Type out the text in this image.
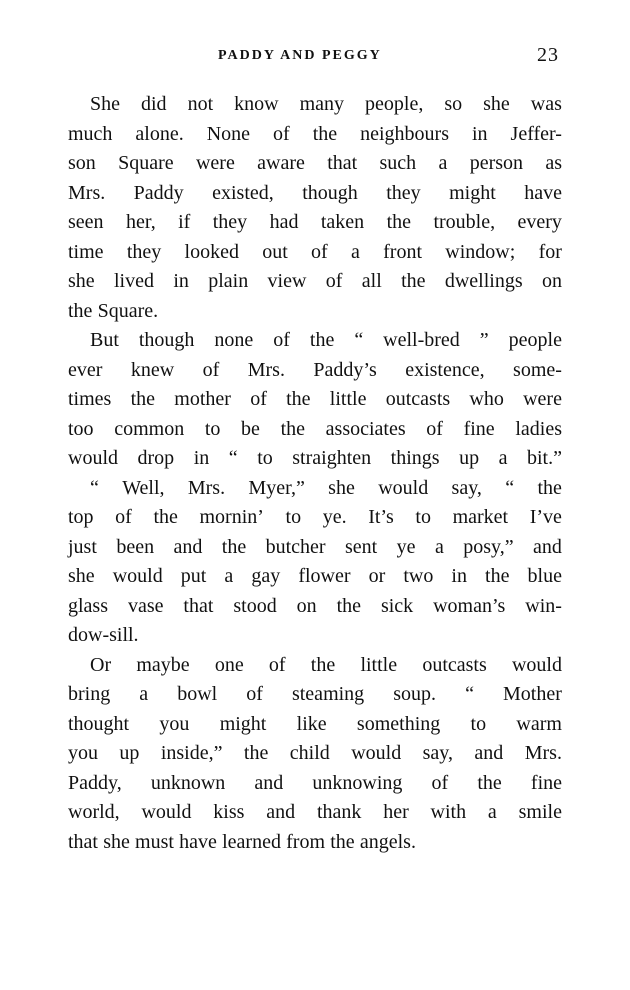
PADDY AND PEGGY	23
She did not know many people, so she was
much alone. None of the neighbours in Jeffer-
son Square were aware that such a person as
Mrs. Paddy existed, though they might have
seen her, if they had taken the trouble, every
time they looked out of a front window; for
she lived in plain view of all the dwellings on
the Square.
But though none of the “ well-bred ” people
ever knew of Mrs. Paddy’s existence, some-
times the mother of the little outcasts who were
too common to be the associates of fine ladies
would drop in “ to straighten things up a bit.”
“ Well, Mrs. Myer,” she would say, “ the
top of the mornin’ to ye. It’s to market I’ve
just been and the butcher sent ye a posy,” and
she would put a gay flower or two in the blue
glass vase that stood on the sick woman’s win-
dow-sill.
Or maybe one of the little outcasts would
bring a bowl of steaming soup. “ Mother
thought you might like something to warm
you up inside,” the child would say, and Mrs.
Paddy, unknown and unknowing of the fine
world, would kiss and thank her with a smile
that she must have learned from the angels.
